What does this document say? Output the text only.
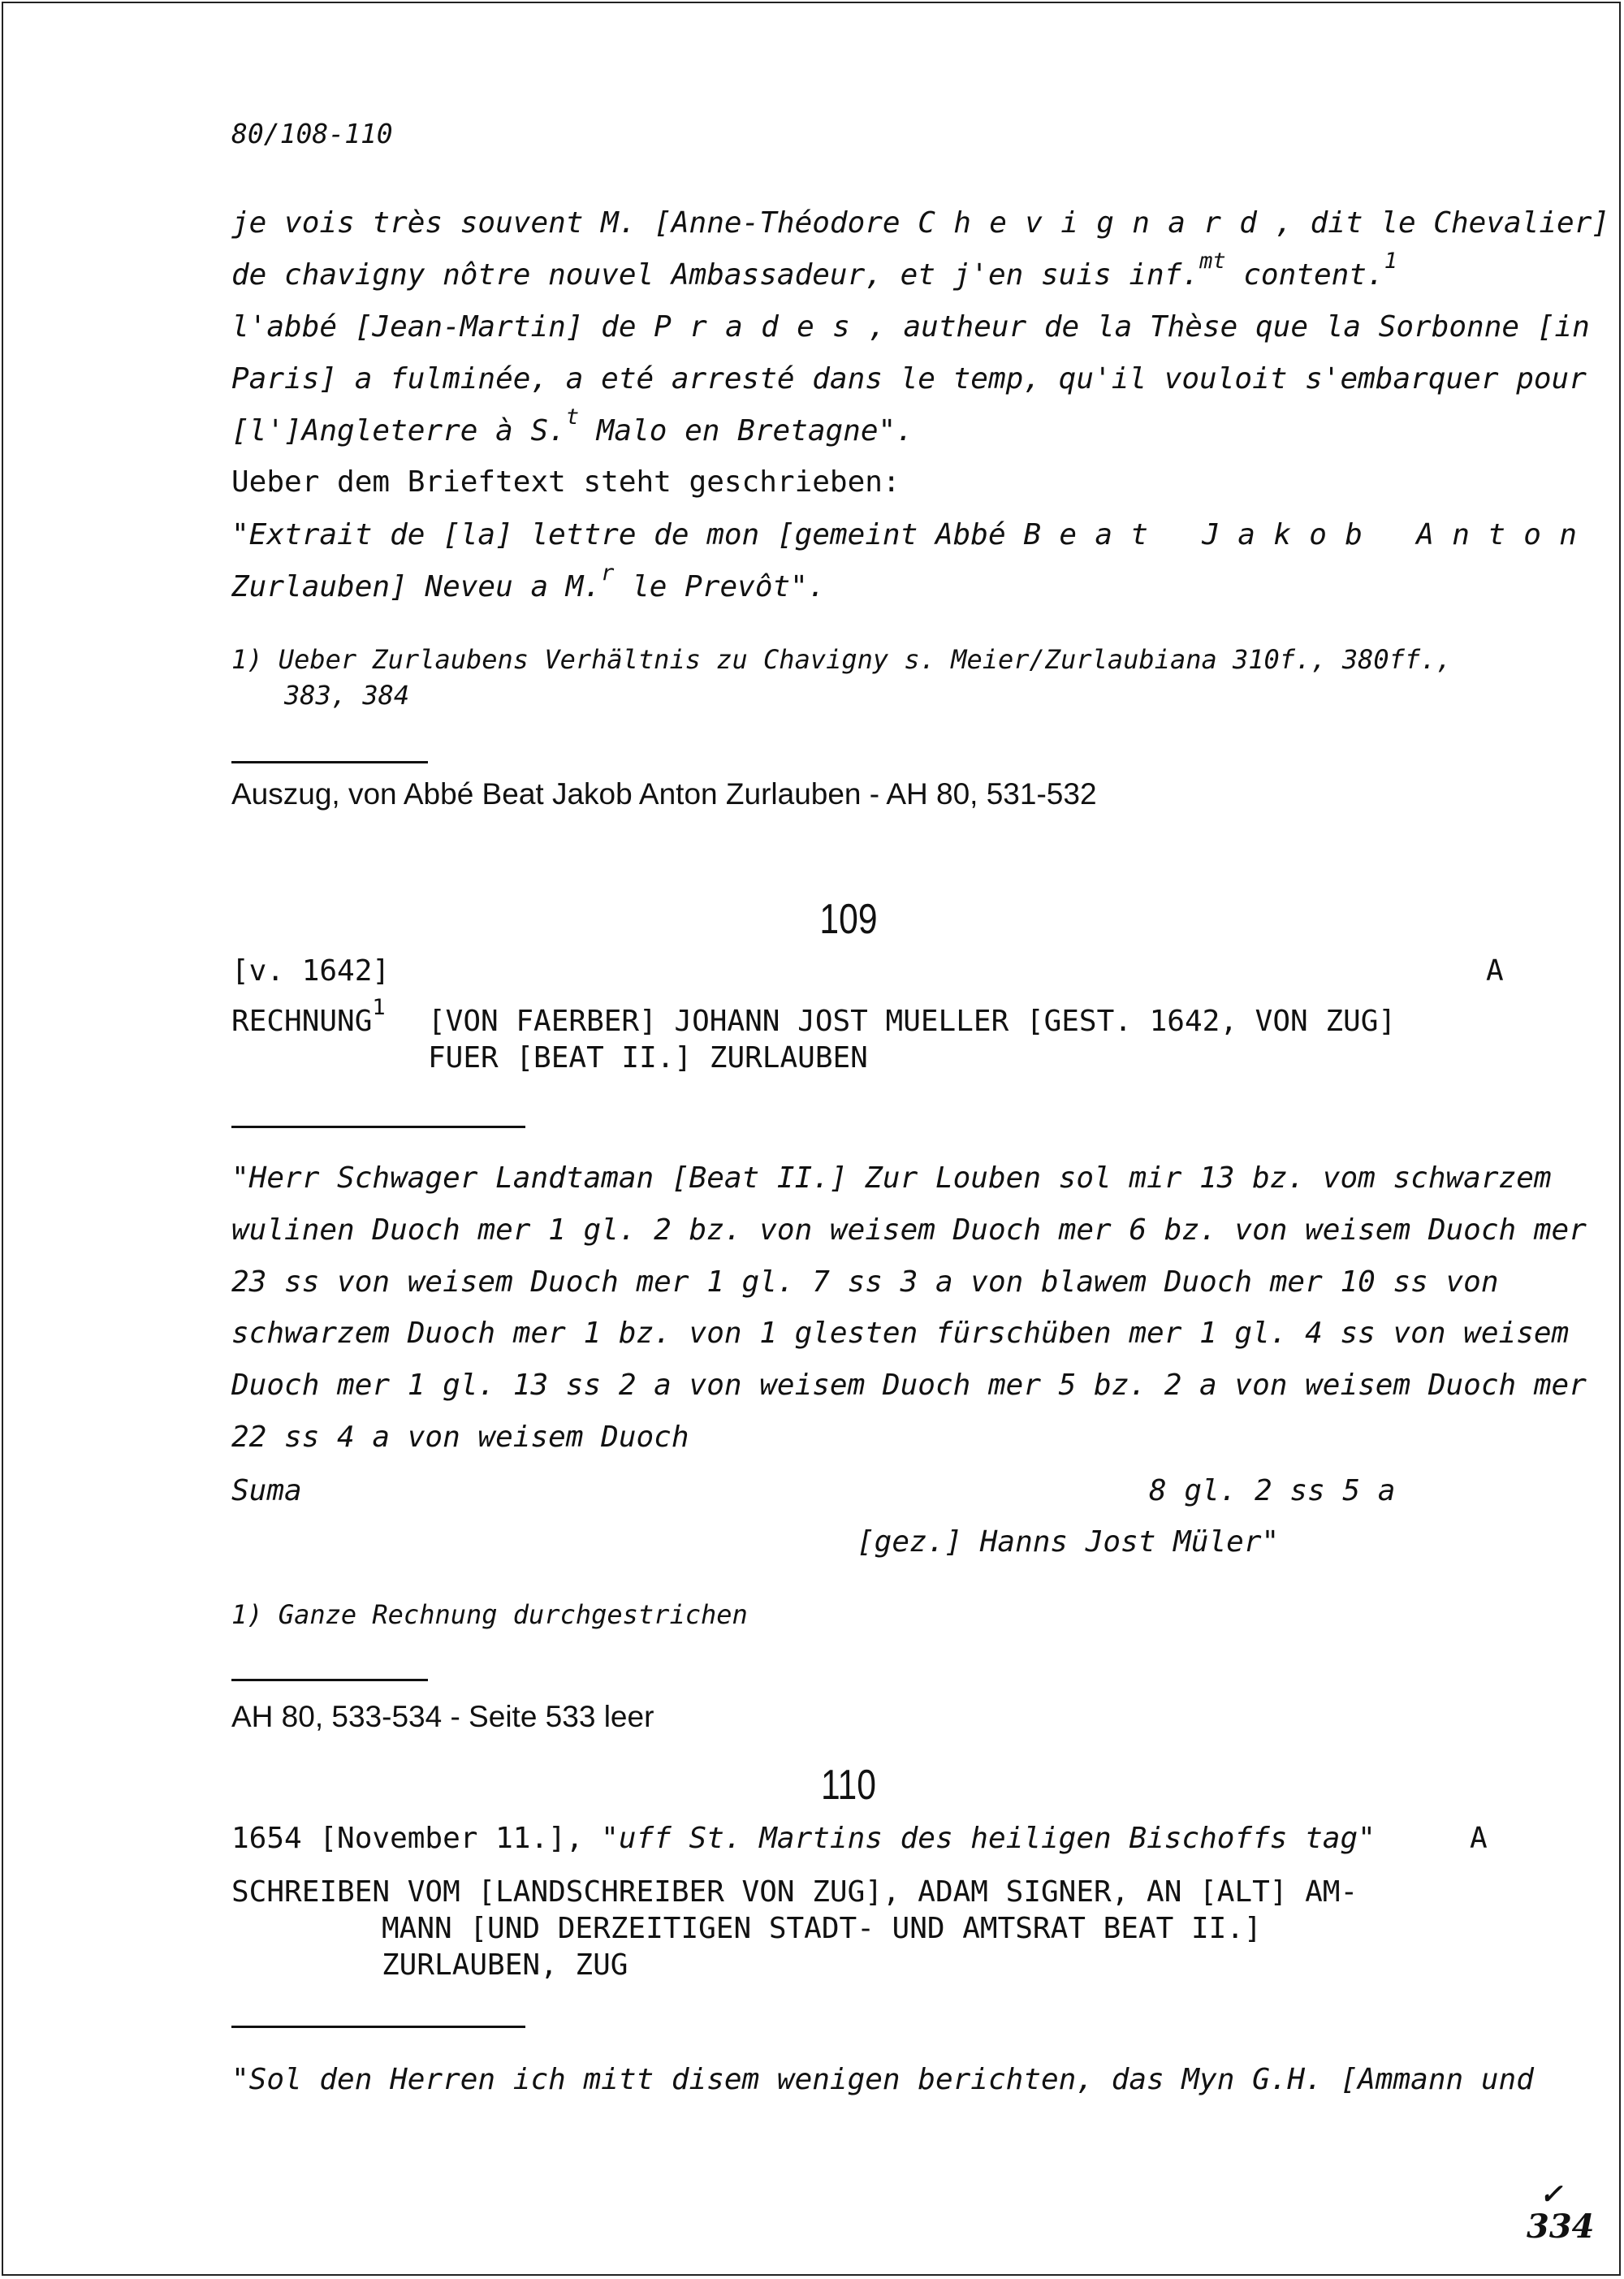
80/108-110
je vois très souvent M. [Anne-Théodore Chevignard, dit le Chevalier]
de chavigny nôtre nouvel Ambassadeur, et j'en suis inf.$^{mt}$ content.$^1$
l'abbé [Jean-Martin] de Prades, autheur de la Thèse que la Sorbonne [in
Paris] a fulminée, a eté arresté dans le temp, qu'il vouloit s'embarquer pour
[l']Angleterre à S.$^t$ Malo en Bretagne".
Ueber dem Brieftext steht geschrieben:
"Extrait de [la] lettre de mon [gemeint Abbé Beat Jakob Anton
Zurlauben] Neveu a M.$^r$ le Prevôt".
1) Ueber Zurlaubens Verhältnis zu Chavigny s. Meier/Zurlaubiana 310f., 380ff.,
383, 384
Auszug, von Abbé Beat Jakob Anton Zurlauben - AH 80, 531-532
109
[v. 1642]	A
RECHNUNG$^1$ [VON FAERBER] JOHANN JOST MUELLER [GEST. 1642, VON ZUG]
FUER [BEAT II.] ZURLAUBEN
"Herr Schwager Landtaman [Beat II.] Zur Louben sol mir 13 bz. vom schwarzem
wulinen Duoch mer 1 gl. 2 bz. von weisem Duoch mer 6 bz. von weisem Duoch mer
23 ss von weisem Duoch mer 1 gl. 7 ss 3 a von blawem Duoch mer 10 ss von
schwarzem Duoch mer 1 bz. von 1 glesten fürschüben mer 1 gl. 4 ss von weisem
Duoch mer 1 gl. 13 ss 2 a von weisem Duoch mer 5 bz. 2 a von weisem Duoch mer
22 ss 4 a von weisem Duoch
Suma	8 gl. 2 ss 5 a
[gez.] Hanns Jost Müler"
1) Ganze Rechnung durchgestrichen
AH 80, 533-534 - Seite 533 leer
110
1654 [November 11.], "uff St. Martins des heiligen Bischoffs tag"	A
SCHREIBEN VOM [LANDSCHREIBER VON ZUG], ADAM SIGNER, AN [ALT] AM-
MANN [UND DERZEITIGEN STADT- UND AMTSRAT BEAT II.]
ZURLAUBEN, ZUG
"Sol den Herren ich mitt disem wenigen berichten, das Myn G.H. [Ammann und
✓
334
